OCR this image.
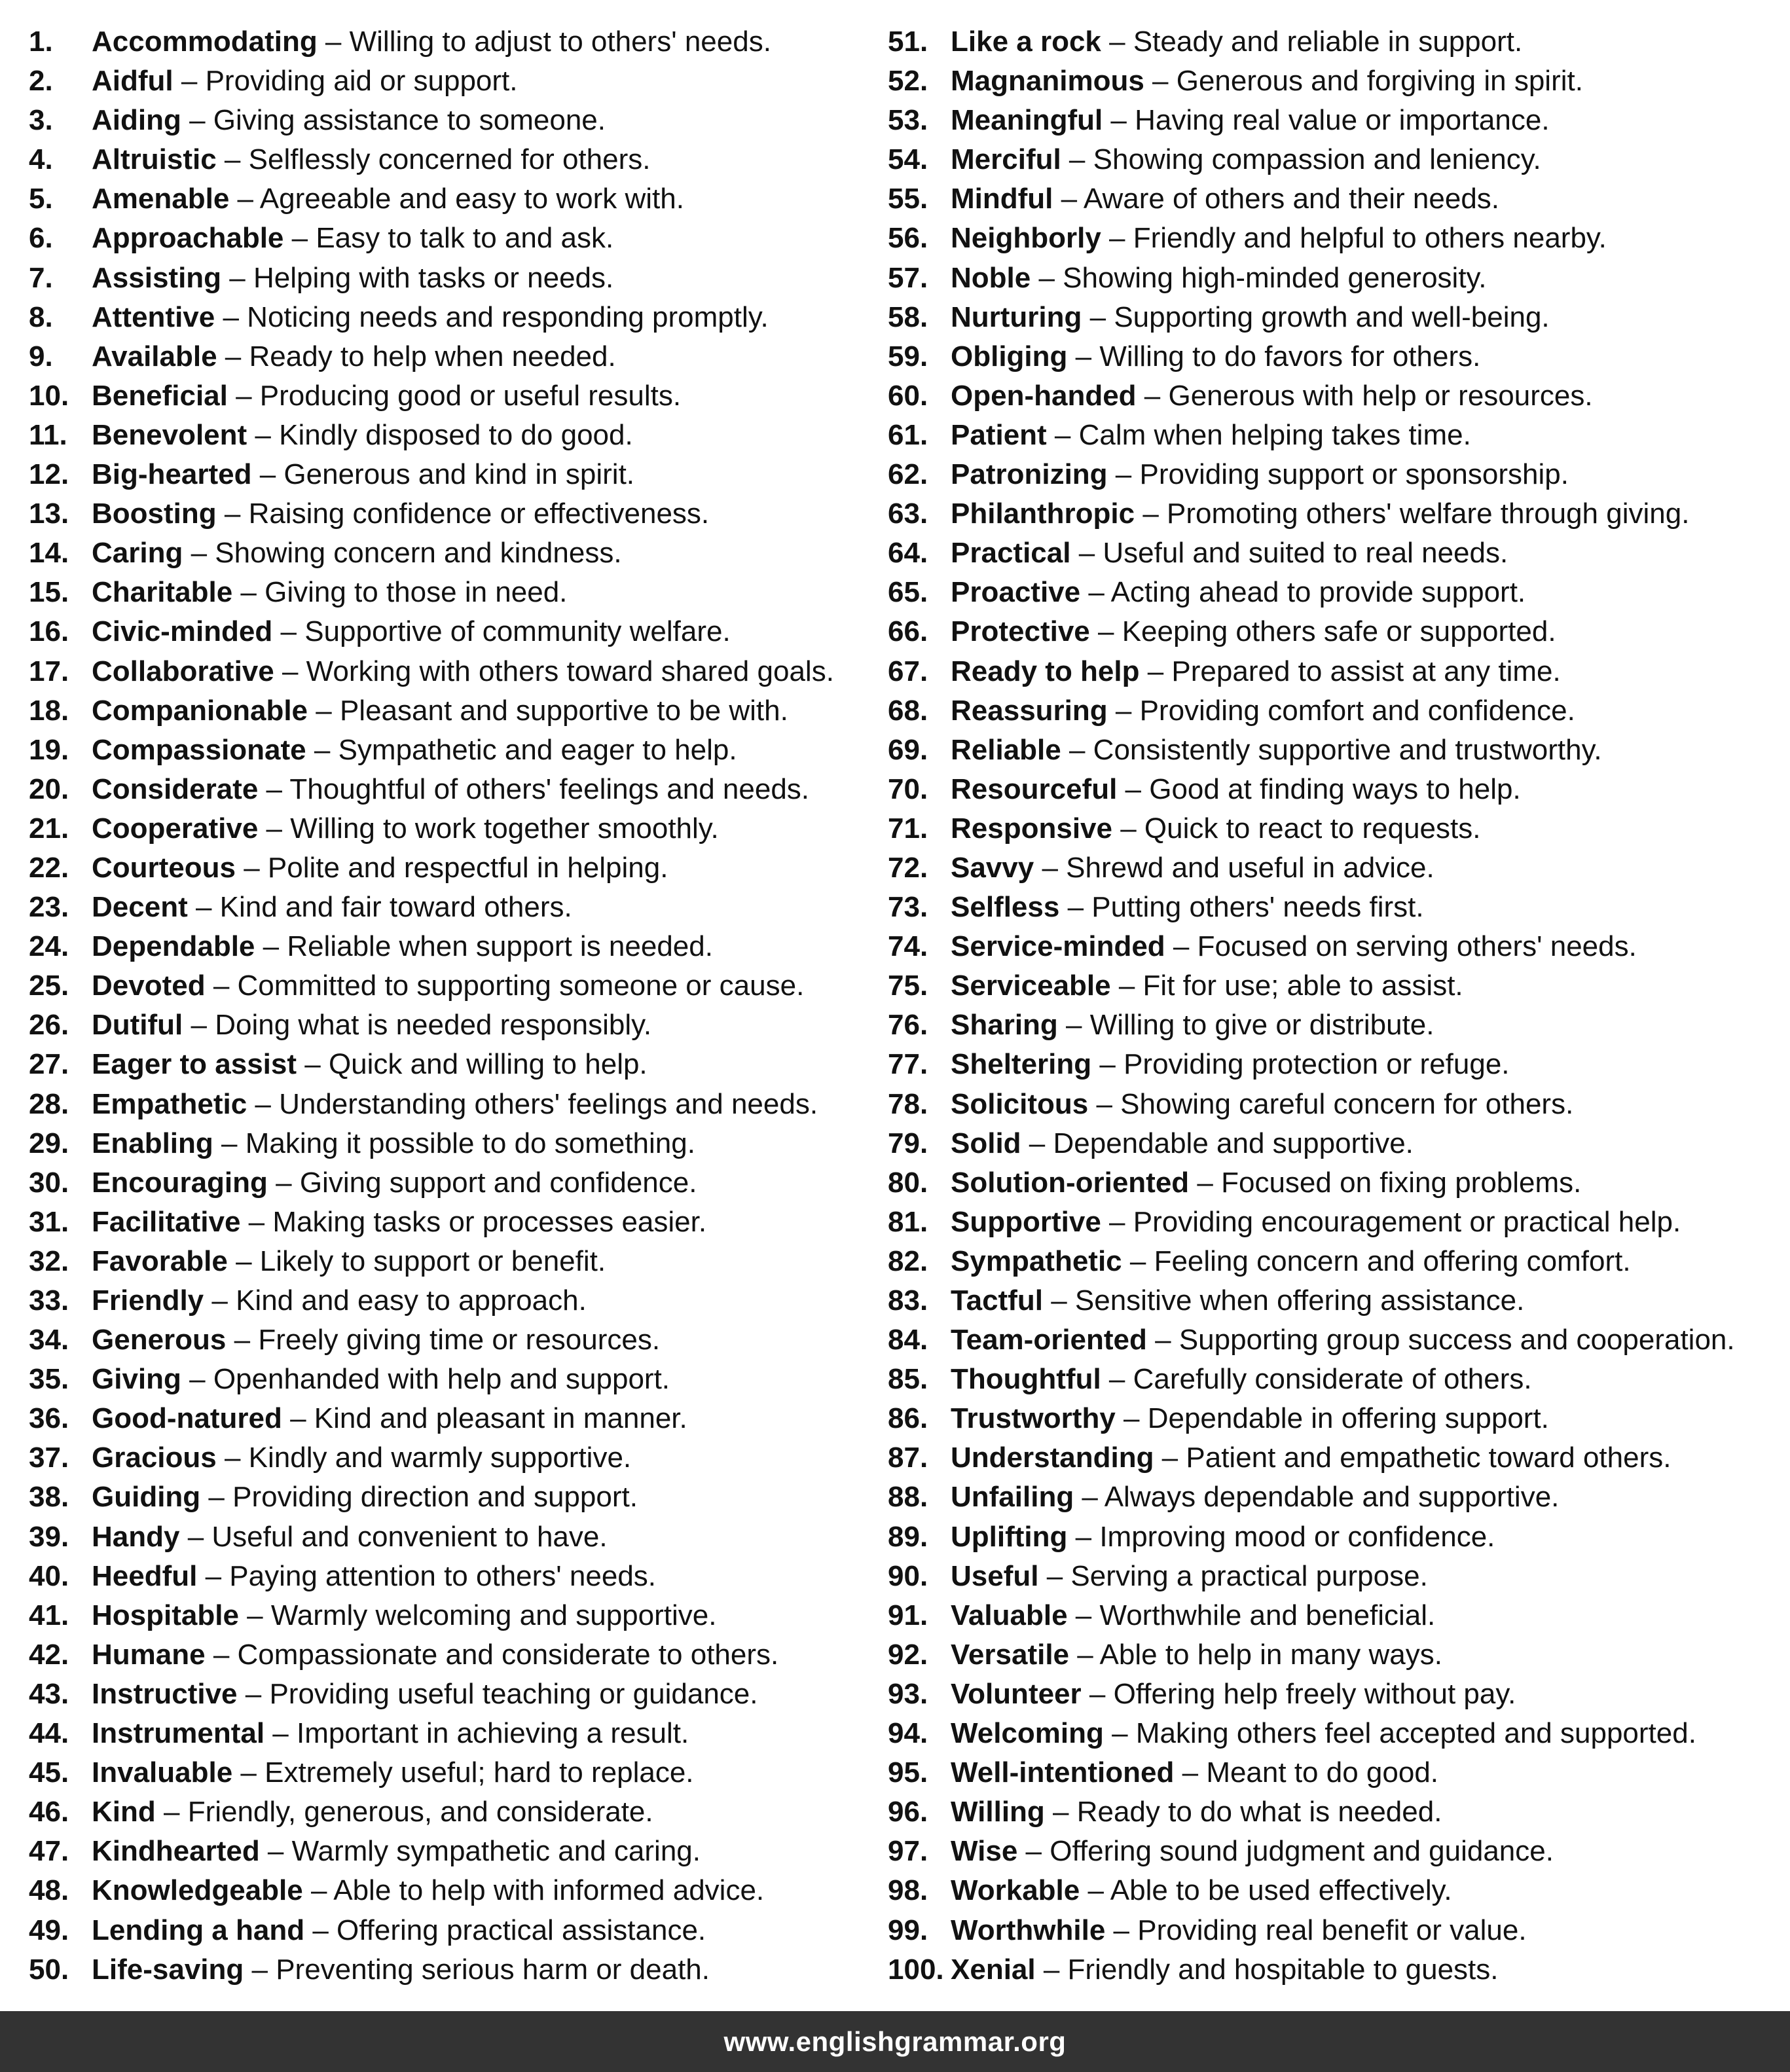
1. Accommodating – Willing to adjust to others' needs.
2. Aidful – Providing aid or support.
3. Aiding – Giving assistance to someone.
4. Altruistic – Selflessly concerned for others.
5. Amenable – Agreeable and easy to work with.
6. Approachable – Easy to talk to and ask.
7. Assisting – Helping with tasks or needs.
8. Attentive – Noticing needs and responding promptly.
9. Available – Ready to help when needed.
10. Beneficial – Producing good or useful results.
11. Benevolent – Kindly disposed to do good.
12. Big-hearted – Generous and kind in spirit.
13. Boosting – Raising confidence or effectiveness.
14. Caring – Showing concern and kindness.
15. Charitable – Giving to those in need.
16. Civic-minded – Supportive of community welfare.
17. Collaborative – Working with others toward shared goals.
18. Companionable – Pleasant and supportive to be with.
19. Compassionate – Sympathetic and eager to help.
20. Considerate – Thoughtful of others' feelings and needs.
21. Cooperative – Willing to work together smoothly.
22. Courteous – Polite and respectful in helping.
23. Decent – Kind and fair toward others.
24. Dependable – Reliable when support is needed.
25. Devoted – Committed to supporting someone or cause.
26. Dutiful – Doing what is needed responsibly.
27. Eager to assist – Quick and willing to help.
28. Empathetic – Understanding others' feelings and needs.
29. Enabling – Making it possible to do something.
30. Encouraging – Giving support and confidence.
31. Facilitative – Making tasks or processes easier.
32. Favorable – Likely to support or benefit.
33. Friendly – Kind and easy to approach.
34. Generous – Freely giving time or resources.
35. Giving – Openhanded with help and support.
36. Good-natured – Kind and pleasant in manner.
37. Gracious – Kindly and warmly supportive.
38. Guiding – Providing direction and support.
39. Handy – Useful and convenient to have.
40. Heedful – Paying attention to others' needs.
41. Hospitable – Warmly welcoming and supportive.
42. Humane – Compassionate and considerate to others.
43. Instructive – Providing useful teaching or guidance.
44. Instrumental – Important in achieving a result.
45. Invaluable – Extremely useful; hard to replace.
46. Kind – Friendly, generous, and considerate.
47. Kindhearted – Warmly sympathetic and caring.
48. Knowledgeable – Able to help with informed advice.
49. Lending a hand – Offering practical assistance.
50. Life-saving – Preventing serious harm or death.
51. Like a rock – Steady and reliable in support.
52. Magnanimous – Generous and forgiving in spirit.
53. Meaningful – Having real value or importance.
54. Merciful – Showing compassion and leniency.
55. Mindful – Aware of others and their needs.
56. Neighborly – Friendly and helpful to others nearby.
57. Noble – Showing high-minded generosity.
58. Nurturing – Supporting growth and well-being.
59. Obliging – Willing to do favors for others.
60. Open-handed – Generous with help or resources.
61. Patient – Calm when helping takes time.
62. Patronizing – Providing support or sponsorship.
63. Philanthropic – Promoting others' welfare through giving.
64. Practical – Useful and suited to real needs.
65. Proactive – Acting ahead to provide support.
66. Protective – Keeping others safe or supported.
67. Ready to help – Prepared to assist at any time.
68. Reassuring – Providing comfort and confidence.
69. Reliable – Consistently supportive and trustworthy.
70. Resourceful – Good at finding ways to help.
71. Responsive – Quick to react to requests.
72. Savvy – Shrewd and useful in advice.
73. Selfless – Putting others' needs first.
74. Service-minded – Focused on serving others' needs.
75. Serviceable – Fit for use; able to assist.
76. Sharing – Willing to give or distribute.
77. Sheltering – Providing protection or refuge.
78. Solicitous – Showing careful concern for others.
79. Solid – Dependable and supportive.
80. Solution-oriented – Focused on fixing problems.
81. Supportive – Providing encouragement or practical help.
82. Sympathetic – Feeling concern and offering comfort.
83. Tactful – Sensitive when offering assistance.
84. Team-oriented – Supporting group success and cooperation.
85. Thoughtful – Carefully considerate of others.
86. Trustworthy – Dependable in offering support.
87. Understanding – Patient and empathetic toward others.
88. Unfailing – Always dependable and supportive.
89. Uplifting – Improving mood or confidence.
90. Useful – Serving a practical purpose.
91. Valuable – Worthwhile and beneficial.
92. Versatile – Able to help in many ways.
93. Volunteer – Offering help freely without pay.
94. Welcoming – Making others feel accepted and supported.
95. Well-intentioned – Meant to do good.
96. Willing – Ready to do what is needed.
97. Wise – Offering sound judgment and guidance.
98. Workable – Able to be used effectively.
99. Worthwhile – Providing real benefit or value.
100. Xenial – Friendly and hospitable to guests.
www.englishgrammar.org
